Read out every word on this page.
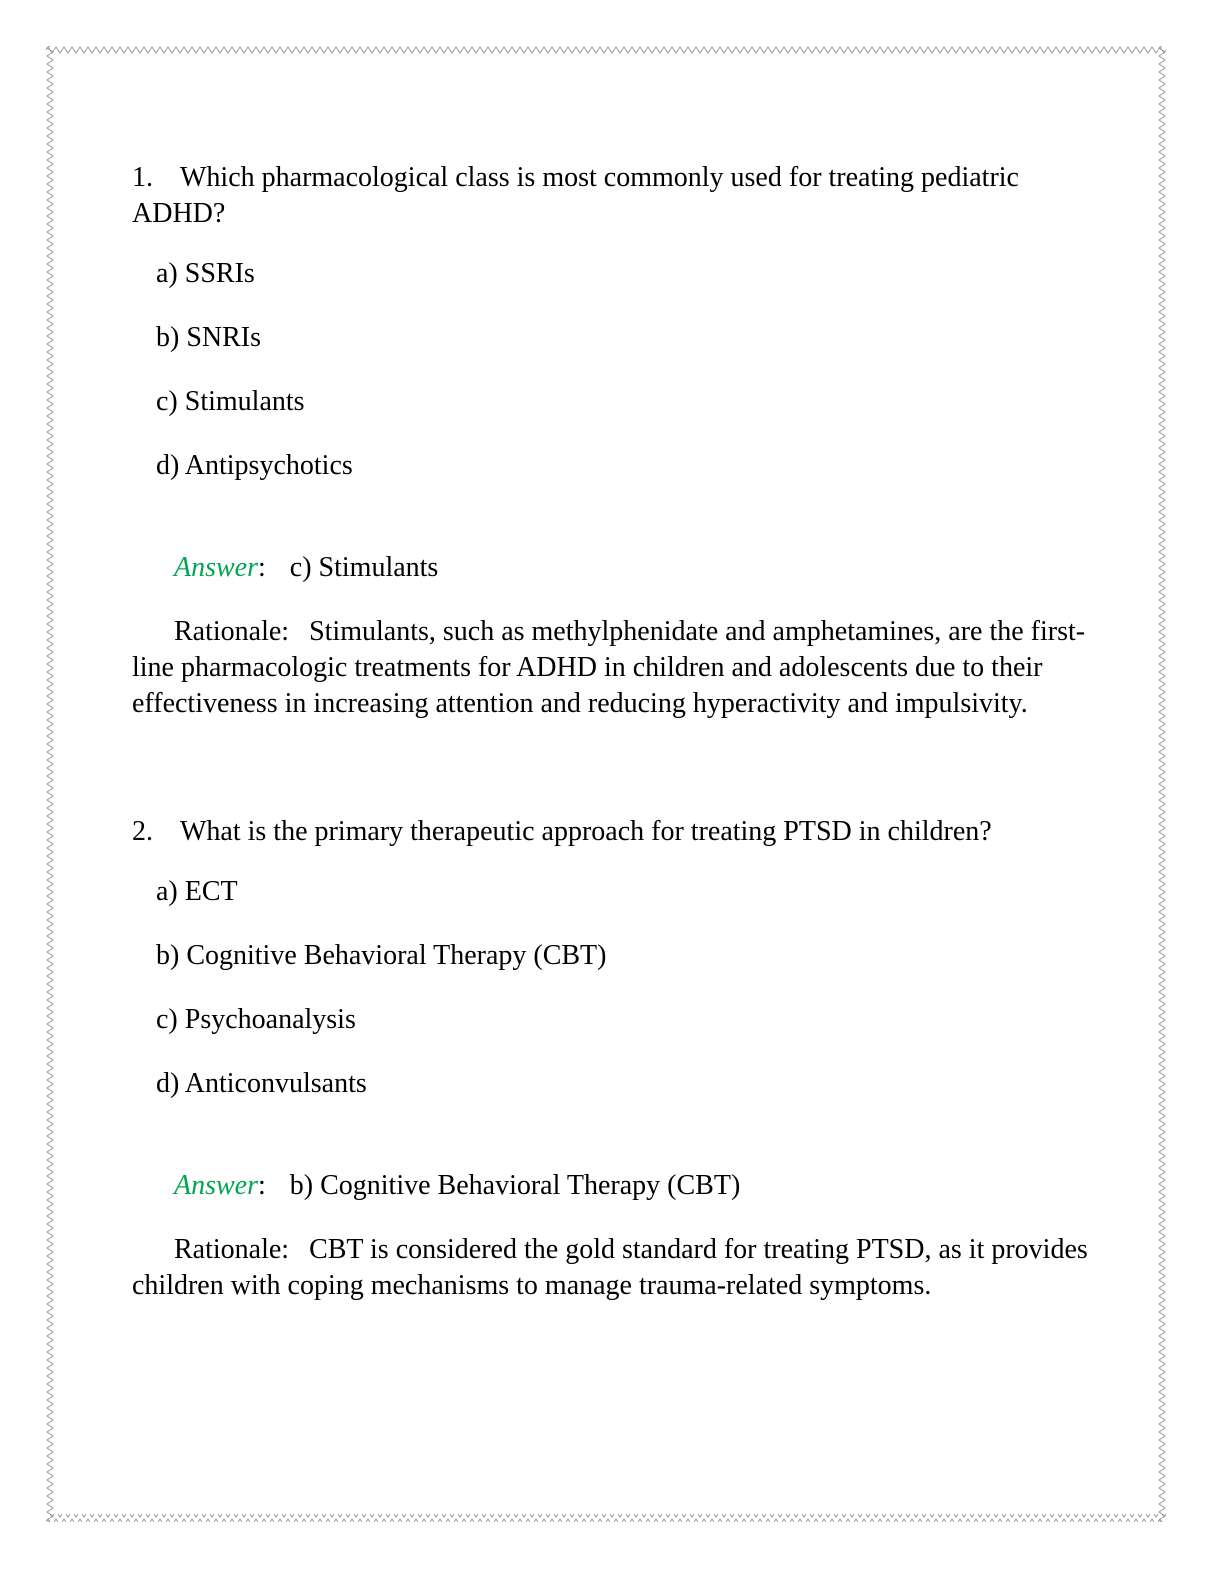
1. Which pharmacological class is most commonly used for treating pediatric ADHD?

a) SSRIs
b) SNRIs
c) Stimulants
d) Antipsychotics

Answer: c) Stimulants

Rationale: Stimulants, such as methylphenidate and amphetamines, are the first-line pharmacologic treatments for ADHD in children and adolescents due to their effectiveness in increasing attention and reducing hyperactivity and impulsivity.

2. What is the primary therapeutic approach for treating PTSD in children?

a) ECT
b) Cognitive Behavioral Therapy (CBT)
c) Psychoanalysis
d) Anticonvulsants

Answer: b) Cognitive Behavioral Therapy (CBT)

Rationale: CBT is considered the gold standard for treating PTSD, as it provides children with coping mechanisms to manage trauma-related symptoms.
